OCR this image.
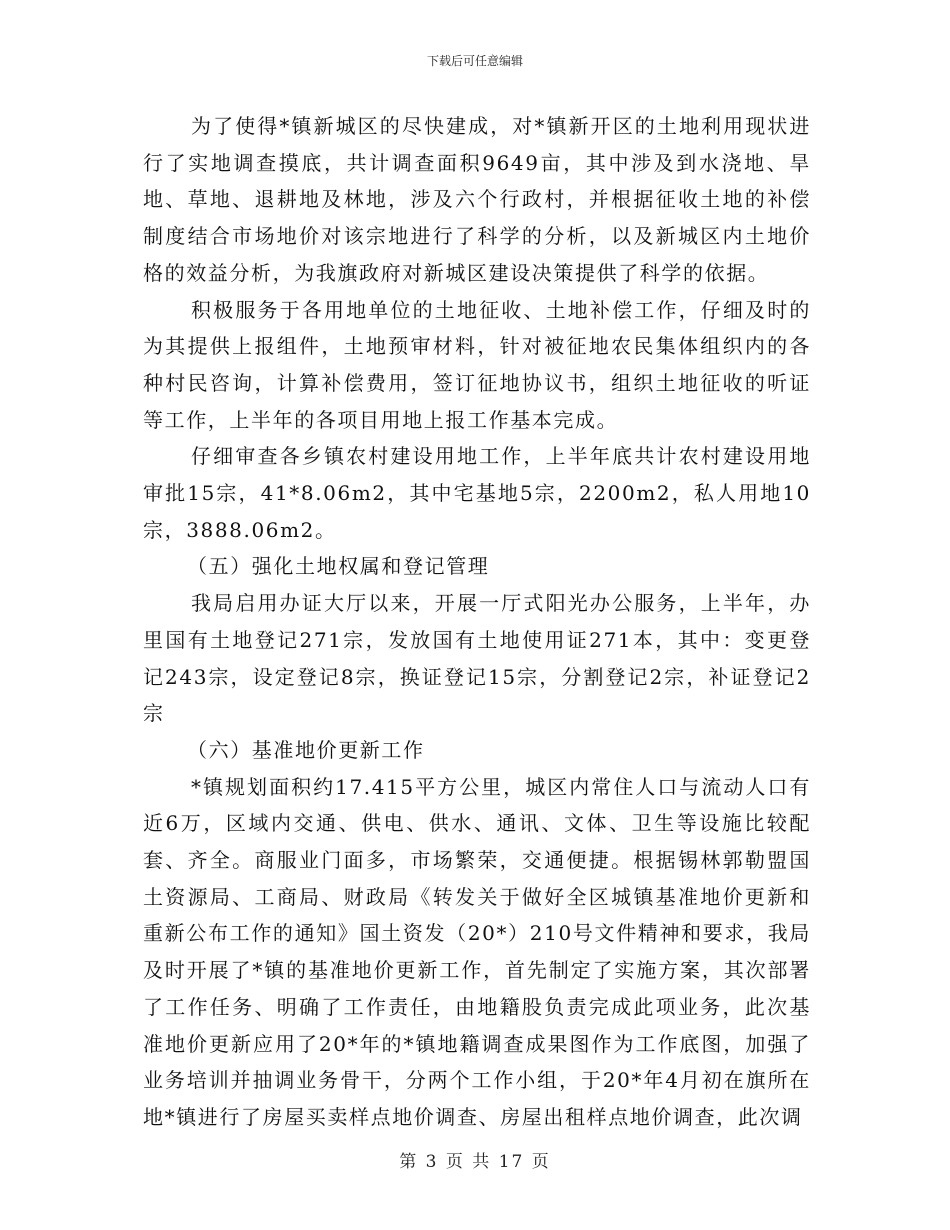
下载后可任意编辑

为了使得*镇新城区的尽快建成，对*镇新开区的土地利用现状进行了实地调查摸底，共计调查面积9649亩，其中涉及到水浇地、旱地、草地、退耕地及林地，涉及六个行政村，并根据征收土地的补偿制度结合市场地价对该宗地进行了科学的分析，以及新城区内土地价格的效益分析，为我旗政府对新城区建设决策提供了科学的依据。

积极服务于各用地单位的土地征收、土地补偿工作，仔细及时的为其提供上报组件，土地预审材料，针对被征地农民集体组织内的各种村民咨询，计算补偿费用，签订征地协议书，组织土地征收的听证等工作，上半年的各项目用地上报工作基本完成。

仔细审查各乡镇农村建设用地工作，上半年底共计农村建设用地审批15宗，41*8.06m2，其中宅基地5宗，2200m2，私人用地10宗，3888.06m2。

（五）强化土地权属和登记管理

我局启用办证大厅以来，开展一厅式阳光办公服务，上半年，办里国有土地登记271宗，发放国有土地使用证271本，其中：变更登记243宗，设定登记8宗，换证登记15宗，分割登记2宗，补证登记2宗

（六）基准地价更新工作

*镇规划面积约17.415平方公里，城区内常住人口与流动人口有近6万，区域内交通、供电、供水、通讯、文体、卫生等设施比较配套、齐全。商服业门面多，市场繁荣，交通便捷。根据锡林郭勒盟国土资源局、工商局、财政局《转发关于做好全区城镇基准地价更新和重新公布工作的通知》国土资发（20*）210号文件精神和要求，我局及时开展了*镇的基准地价更新工作，首先制定了实施方案，其次部署了工作任务、明确了工作责任，由地籍股负责完成此项业务，此次基准地价更新应用了20*年的*镇地籍调查成果图作为工作底图，加强了业务培训并抽调业务骨干，分两个工作小组，于20*年4月初在旗所在地*镇进行了房屋买卖样点地价调查、房屋出租样点地价调查，此次调

第 3 页 共 17 页
